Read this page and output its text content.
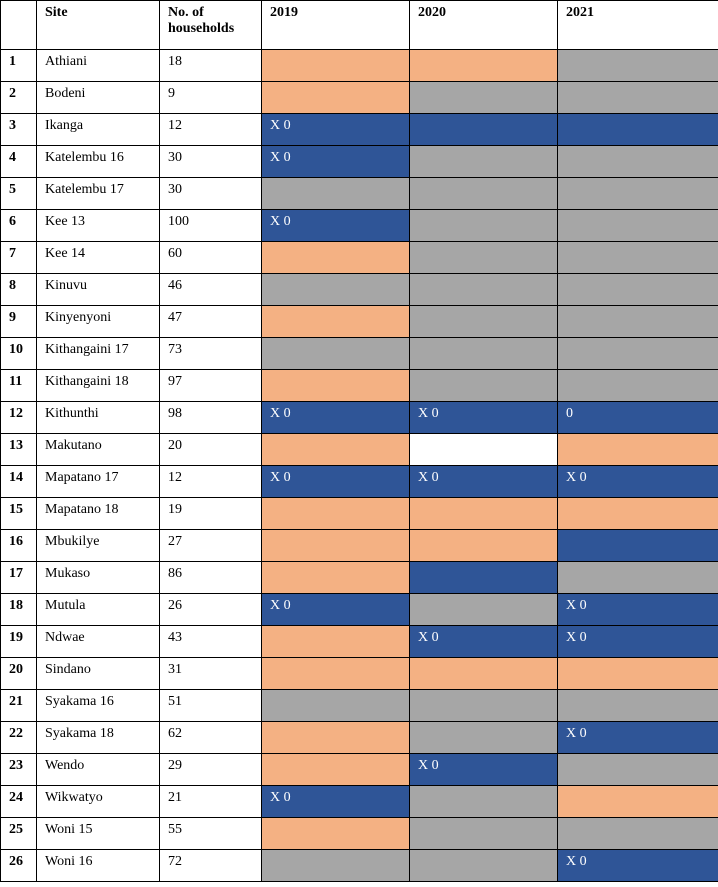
	Site	No. of households	2019	2020	2021
1	Athiani	18			
2	Bodeni	9			
3	Ikanga	12	X 0		
4	Katelembu 16	30	X 0		
5	Katelembu 17	30			
6	Kee 13	100	X 0		
7	Kee 14	60			
8	Kinuvu	46			
9	Kinyenyoni	47			
10	Kithangaini 17	73			
11	Kithangaini 18	97			
12	Kithunthi	98	X 0	X 0	0
13	Makutano	20			
14	Mapatano 17	12	X 0	X 0	X 0
15	Mapatano 18	19			
16	Mbukilye	27			
17	Mukaso	86			
18	Mutula	26	X 0		X 0
19	Ndwae	43		X 0	X 0
20	Sindano	31			
21	Syakama 16	51			
22	Syakama 18	62			X 0
23	Wendo	29		X 0	
24	Wikwatyo	21	X 0		
25	Woni 15	55			
26	Woni 16	72			X 0
